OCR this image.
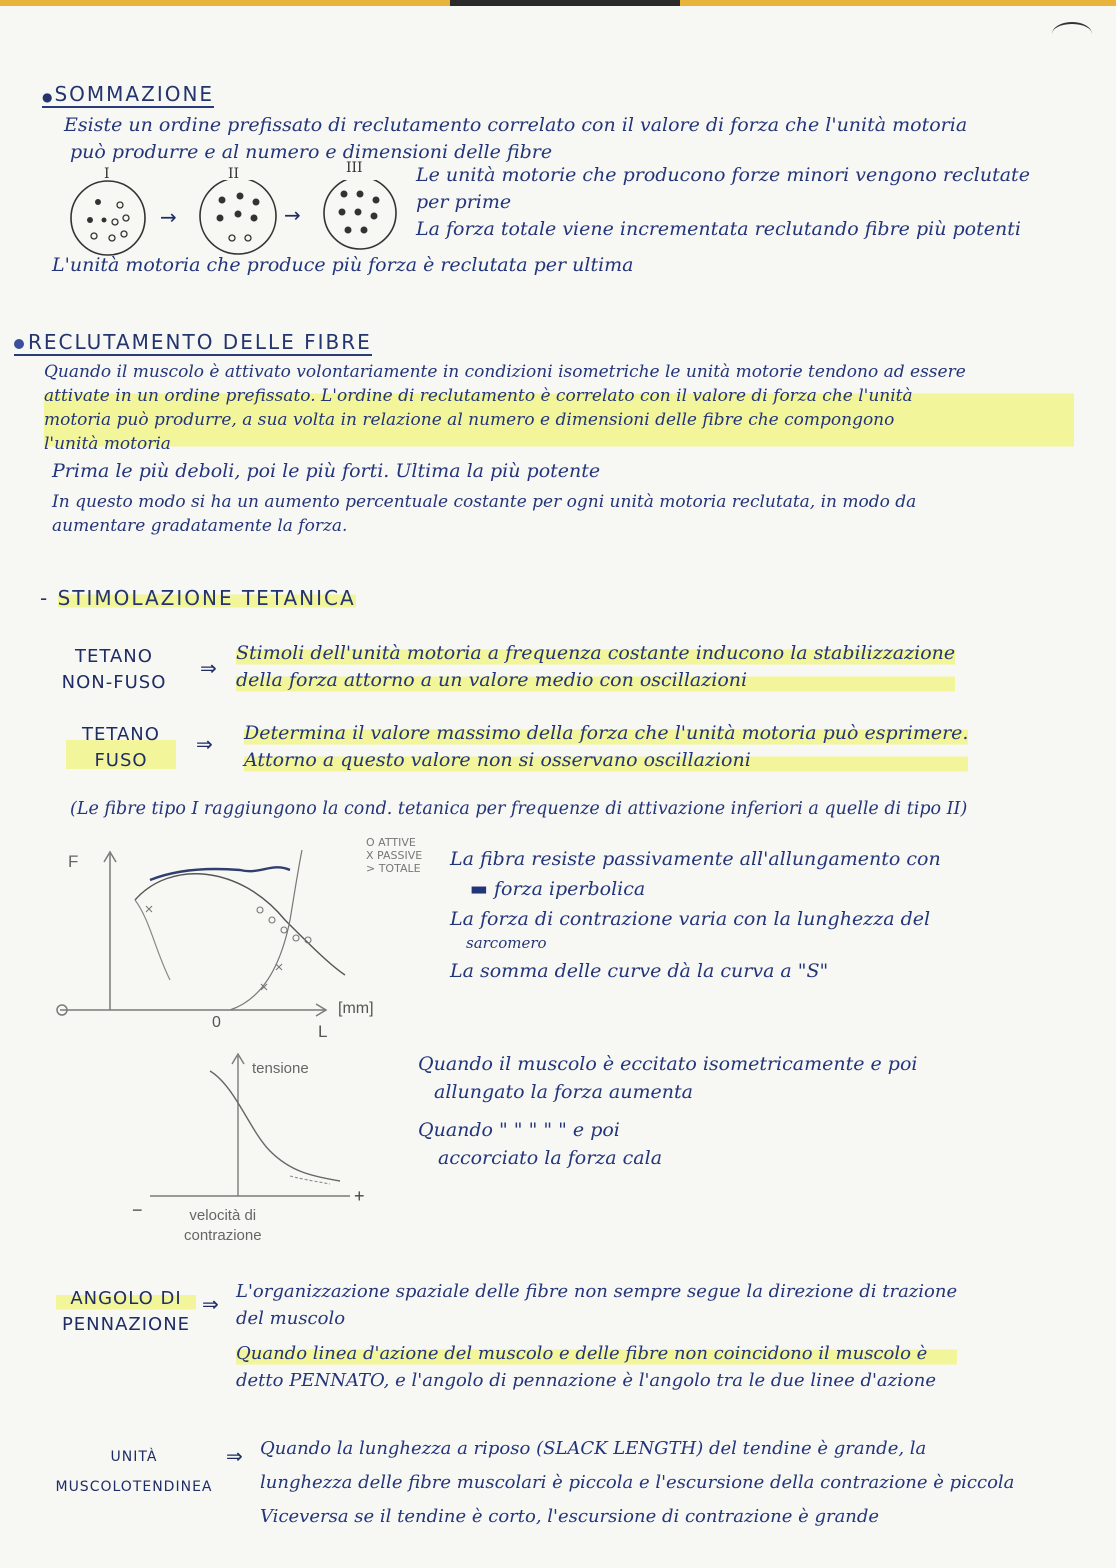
●SOMMAZIONE
Esiste un ordine prefissato di reclutamento correlato con il valore di forza che l'unità motoria
può produrre e al numero e dimensioni delle fibre
I	II	III
→	→
Le unità motorie che producono forze minori vengono reclutate
per prime
La forza totale viene incrementata reclutando fibre più potenti
L'unità motoria che produce più forza è reclutata per ultima
RECLUTAMENTO DELLE FIBRE
Quando il muscolo è attivato volontariamente in condizioni isometriche le unità motorie tendono ad essere
attivate in un ordine prefissato. L'ordine di reclutamento è correlato con il valore di forza che l'unità
motoria può produrre, a sua volta in relazione al numero e dimensioni delle fibre che compongono
l'unità motoria
Prima le più deboli, poi le più forti. Ultima la più potente
In questo modo si ha un aumento percentuale costante per ogni unità motoria reclutata, in modo da
aumentare gradatamente la forza.
- STIMOLAZIONE TETANICA
TETANO
NON-FUSO
⇒
Stimoli dell'unità motoria a frequenza costante inducono la stabilizzazione
della forza attorno a un valore medio con oscillazioni
TETANO
FUSO
⇒ Determina il valore massimo della forza che l'unità motoria può esprimere.
Attorno a questo valore non si osservano oscillazioni
(Le fibre tipo I raggiungono la cond. tetanica per frequenze di attivazione inferiori a quelle di tipo II)
F
0	L
[mm]
O ATTIVE
X PASSIVE
> TOTALE La fibra resiste passivamente all'allungamento con
▬ forza iperbolica
La forza di contrazione varia con la lunghezza del
sarcomero
La somma delle curve dà la curva a "S"
tensione
−
+
velocità di
contrazione
Quando il muscolo è eccitato isometricamente e poi
allungato la forza aumenta
Quando " " " " " e poi
accorciato la forza cala
ANGOLO DI
PENNAZIONE
⇒
L'organizzazione spaziale delle fibre non sempre segue la direzione di trazione
del muscolo
Quando linea d'azione del muscolo e delle fibre non coincidono il muscolo è
detto PENNATO, e l'angolo di pennazione è l'angolo tra le due linee d'azione
UNITÀ
MUSCOLOTENDINEA
⇒ Quando la lunghezza a riposo (SLACK LENGTH) del tendine è grande, la
lunghezza delle fibre muscolari è piccola e l'escursione della contrazione è piccola
Viceversa se il tendine è corto, l'escursione di contrazione è grande
